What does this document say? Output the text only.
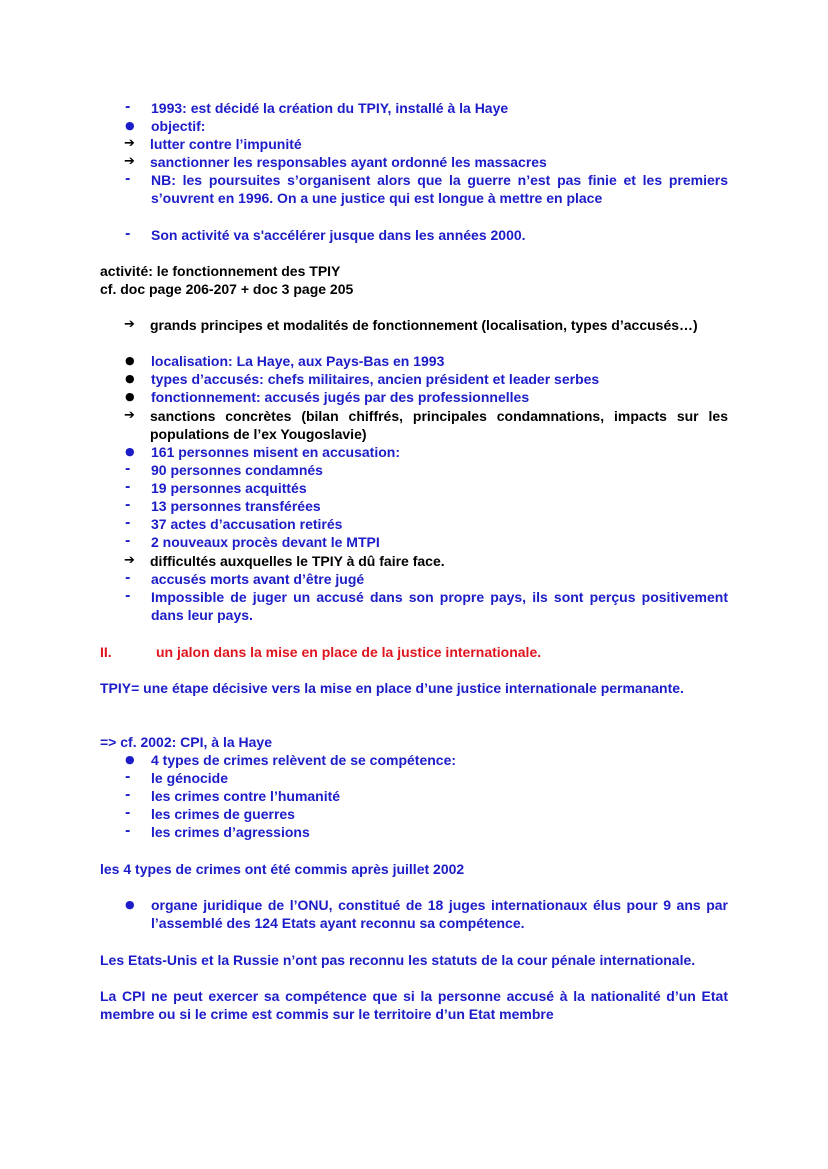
-	1993: est décidé la création du TPIY, installé à la Haye
●	objectif:
➔	lutter contre l’impunité
➔	sanctionner les responsables ayant ordonné les massacres
-	NB: les poursuites s’organisent alors que la guerre n’est pas finie et les premiers s’ouvrent en 1996. On a une justice qui est longue à mettre en place
-	Son activité va s'accélérer jusque dans les années 2000.
activité: le fonctionnement des TPIY
cf. doc page 206-207 + doc 3 page 205
➔	grands principes et modalités de fonctionnement (localisation, types d’accusés…)
●	localisation: La Haye, aux Pays-Bas en 1993
●	types d’accusés: chefs militaires, ancien président et leader serbes
●	fonctionnement: accusés jugés par des professionnelles
➔	sanctions concrètes (bilan chiffrés, principales condamnations, impacts sur les populations de l’ex Yougoslavie)
●	161 personnes misent en accusation:
-	90 personnes condamnés
-	19 personnes acquittés
-	13 personnes transférées
-	37 actes d’accusation retirés
-	2 nouveaux procès devant le MTPI
➔	difficultés auxquelles le TPIY à dû faire face.
-	accusés morts avant d’être jugé
-	Impossible de juger un accusé dans son propre pays, ils sont perçus positivement dans leur pays.
II.	un jalon dans la mise en place de la justice internationale.
TPIY= une étape décisive vers la mise en place d’une justice internationale permanante.
=> cf. 2002: CPI, à la Haye
●	4 types de crimes relèvent de se compétence:
-	le génocide
-	les crimes contre l’humanité
-	les crimes de guerres
-	les crimes d’agressions
les 4 types de crimes ont été commis après juillet 2002
●	organe juridique de l’ONU, constitué de 18 juges internationaux élus pour 9 ans par l’assemblé des 124 Etats ayant reconnu sa compétence.
Les Etats-Unis et la Russie n’ont pas reconnu les statuts de la cour pénale internationale.
La CPI ne peut exercer sa compétence que si la personne accusé à la nationalité d’un Etat membre ou si le crime est commis sur le territoire d’un Etat membre
